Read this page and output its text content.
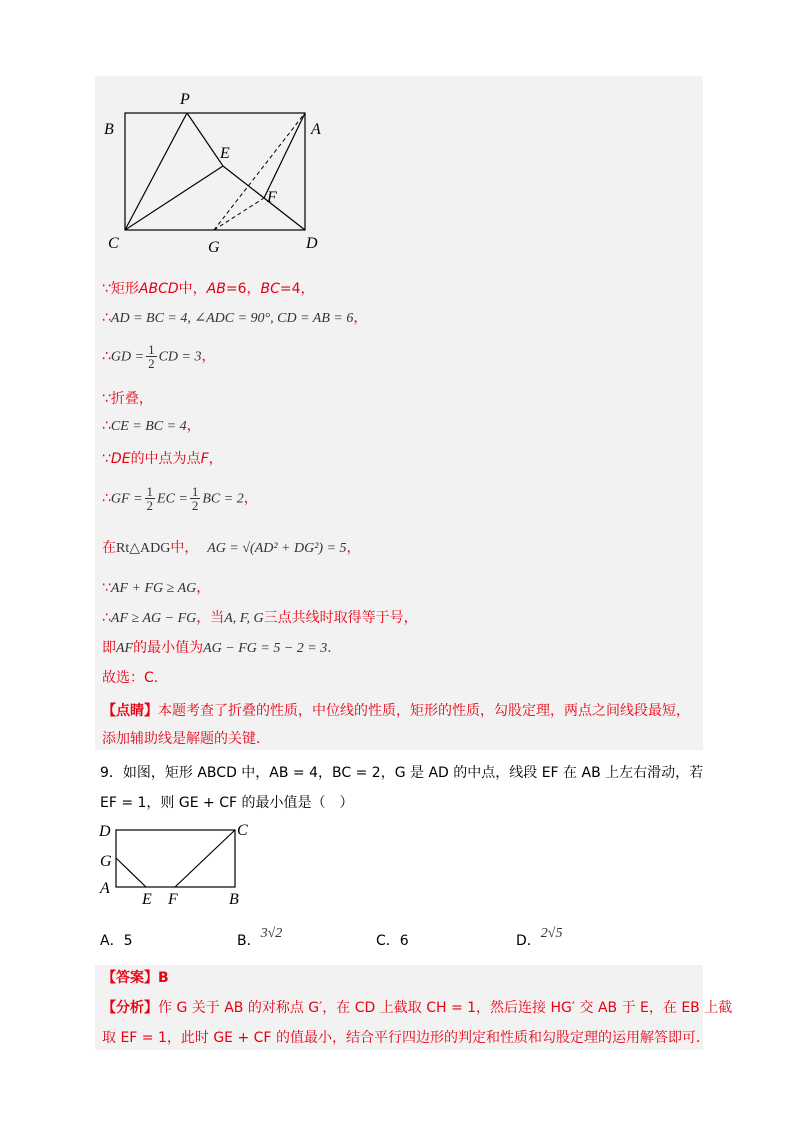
P
B	A
E
F
C	G	D
∵矩形ABCD中，AB=6，BC=4，
∴AD = BC = 4, ∠ADC = 90°, CD = AB = 6，
∴GD = $\frac{1}{2}$ CD = 3，
∵折叠，
∴CE = BC = 4，
∵DE的中点为点F，
∴GF = $\frac{1}{2}$ EC = $\frac{1}{2}$ BC = 2，
在Rt△ADG中， AG = √(AD² + DG²) = 5，
∵AF + FG ≥ AG，
∴AF ≥ AG − FG，当A, F, G三点共线时取得等于号，
即AF的最小值为AG − FG = 5 − 2 = 3．
故选：C.
【点睛】本题考查了折叠的性质，中位线的性质，矩形的性质，勾股定理，两点之间线段最短，
添加辅助线是解题的关键．
9．如图，矩形 ABCD 中，AB = 4，BC = 2，G 是 AD 的中点，线段 EF 在 AB 上左右滑动，若
EF = 1，则 GE + CF 的最小值是（　）
D	C
G
A
E F	B
A．5	B．3√2	C．6	D．2√5
【答案】B
【分析】作 G 关于 AB 的对称点 G′，在 CD 上截取 CH = 1，然后连接 HG′ 交 AB 于 E，在 EB 上截
取 EF = 1，此时 GE + CF 的值最小，结合平行四边形的判定和性质和勾股定理的运用解答即可．
